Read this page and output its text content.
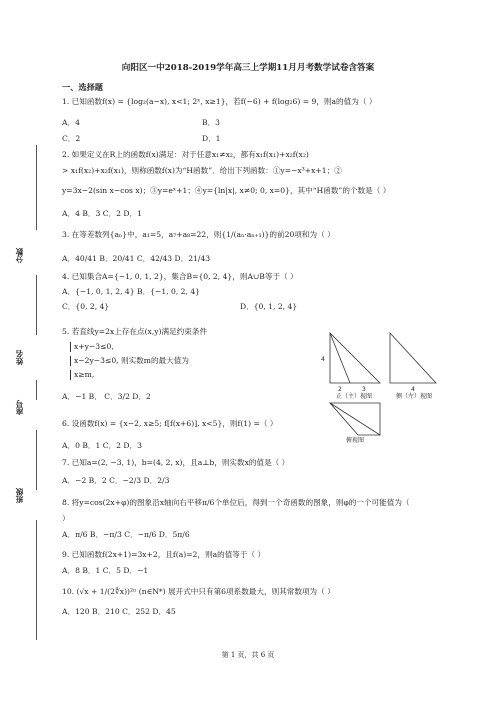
向阳区一中2018-2019学年高三上学期11月月考数学试卷含答案
一、选择题
分数
姓名
座号
班级
1. 已知函数f(x) = {log₂(a−x), x<1; 2ˣ, x≥1}，若f(−6) + f(log₂6) = 9，则a的值为（ ）
A．4	B．3
C．2	D．1
2. 如果定义在R上的函数f(x)满足：对于任意x₁≠x₂，都有x₁f(x₁)+x₂f(x₂)
> x₁f(x₂)+x₂f(x₁)，则称函数f(x)为“H函数”．给出下列函数：①y=−x³+x+1；②
y=3x−2(sin x−cos x)；③y=eˣ+1；④y={ln|x|, x≠0; 0, x=0}，其中“H函数”的个数是（ ）
A．4 B．3 C．2 D．1
3. 在等差数列{aₙ}中，a₁=5，a₇+a₈=22，则{1/(aₙ·aₙ₊₁)}的前20项和为（ ）
A．40/41 B．20/41 C．42/43 D．21/43
4. 已知集合A={−1, 0, 1, 2}，集合B={0, 2, 4}，则A∪B等于（ ）
A．{−1, 0, 1, 2, 4} B．{−1, 0, 2, 4}
C．{0, 2, 4}	D．{0, 1, 2, 4}
5. 若直线y=2x上存在点(x,y)满足约束条件
x+y−3≤0,
x−2y−3≤0, 则实数m的最大值为
x≥m,
A．−1 B． C．3/2 D．2
6. 设函数f(x) = {x−2, x≥5; f[f(x+6)], x<5}，则f(1) =（ ）
A．0 B．1 C．2 D．3
7. 已知a=(2, −3, 1)，b=(4, 2, x)，且a⊥b，则实数x的值是（ ）
A．−2 B．2 C．−2/3 D．2/3
8. 将y=cos(2x+φ)的图象沿x轴向右平移π/6个单位后，得到一个奇函数的图象，则φ的一个可能值为（
）
A．π/6 B．−π/3 C．−π/6 D．5π/6
9. 已知函数f(2x+1)=3x+2，且f(a)=2，则a的值等于（ ）
A．8 B．1 C．5 D．−1
10. (√x + 1/(2∜x))²ⁿ (n∈N*) 展开式中只有第6项系数最大，则其常数项为（ ）
A．120 B．210 C．252 D．45
4
2	3
正（主）视图
4
侧（左）视图
俯视图
第 1 页，共 6 页
